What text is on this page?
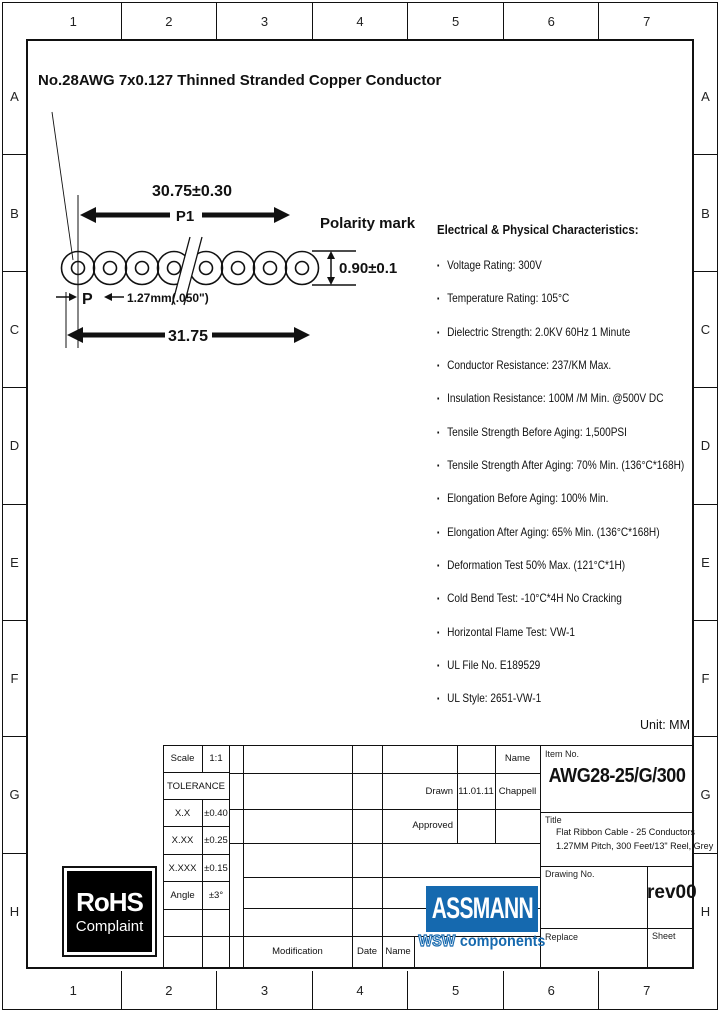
1	2	3	4	5	6	7
1	2	3	4	5	6	7
A
B
C
D
E
F
G
H
A
B
C
D
E
F
G
H
No.28AWG 7x0.127 Thinned Stranded Copper Conductor
30.75±0.30
P1	Polarity mark
0.90±0.1
P	1.27mm(.050")
31.75
Electrical & Physical Characteristics:
▪ Voltage Rating: 300V
▪ Temperature Rating: 105°C
▪ Dielectric Strength: 2.0KV 60Hz 1 Minute
▪ Conductor Resistance: 237/KM Max.
▪ Insulation Resistance: 100M /M Min. @500V DC
▪ Tensile Strength Before Aging: 1,500PSI
▪ Tensile Strength After Aging: 70% Min. (136°C*168H)
▪ Elongation Before Aging: 100% Min.
▪ Elongation After Aging: 65% Min. (136°C*168H)
▪ Deformation Test 50% Max. (121°C*1H)
▪ Cold Bend Test: -10°C*4H No Cracking
▪ Horizontal Flame Test: VW-1
▪ UL File No. E189529
▪ UL Style: 2651-VW-1
Unit: MM
Scale	1:1
TOLERANCE
X.X	±0.40
X.XX	±0.25
X.XXX ±0.15
Angle	±3°
Name
Drawn 11.01.11 Chappell
Approved
Modification	Date Name
Item No.
AWG28-25/G/300
Title
Flat Ribbon Cable - 25 Conductors
1.27MM Pitch, 300 Feet/13" Reel, Grey
Drawing No.
rev00
Replace	Sheet
RoHS
Complaint
ASSMANN
WSW components
